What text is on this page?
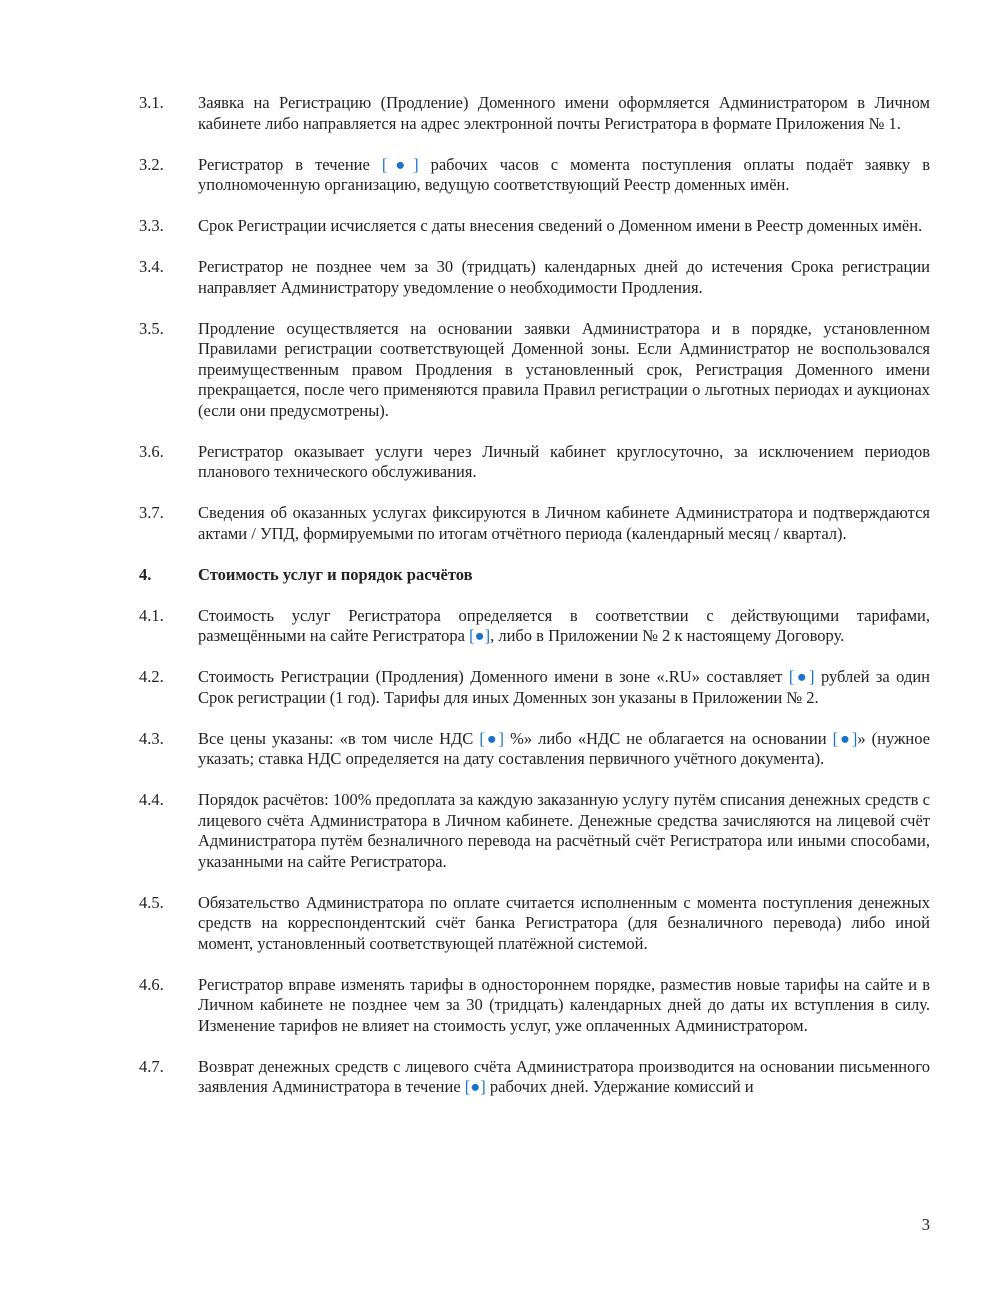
3.1.	Заявка на Регистрацию (Продление) Доменного имени оформляется Администратором в Личном кабинете либо направляется на адрес электронной почты Регистратора в формате Приложения № 1.
3.2.	Регистратор в течение [●] рабочих часов с момента поступления оплаты подаёт заявку в уполномоченную организацию, ведущую соответствующий Реестр доменных имён.
3.3.	Срок Регистрации исчисляется с даты внесения сведений о Доменном имени в Реестр доменных имён.
3.4.	Регистратор не позднее чем за 30 (тридцать) календарных дней до истечения Срока регистрации направляет Администратору уведомление о необходимости Продления.
3.5.	Продление осуществляется на основании заявки Администратора и в порядке, установленном Правилами регистрации соответствующей Доменной зоны. Если Администратор не воспользовался преимущественным правом Продления в установленный срок, Регистрация Доменного имени прекращается, после чего применяются правила Правил регистрации о льготных периодах и аукционах (если они предусмотрены).
3.6.	Регистратор оказывает услуги через Личный кабинет круглосуточно, за исключением периодов планового технического обслуживания.
3.7.	Сведения об оказанных услугах фиксируются в Личном кабинете Администратора и подтверждаются актами / УПД, формируемыми по итогам отчётного периода (календарный месяц / квартал).
4.	Стоимость услуг и порядок расчётов
4.1.	Стоимость услуг Регистратора определяется в соответствии с действующими тарифами, размещёнными на сайте Регистратора [●], либо в Приложении № 2 к настоящему Договору.
4.2.	Стоимость Регистрации (Продления) Доменного имени в зоне «.RU» составляет [●] рублей за один Срок регистрации (1 год). Тарифы для иных Доменных зон указаны в Приложении № 2.
4.3.	Все цены указаны: «в том числе НДС [●] %» либо «НДС не облагается на основании [●]» (нужное указать; ставка НДС определяется на дату составления первичного учётного документа).
4.4.	Порядок расчётов: 100% предоплата за каждую заказанную услугу путём списания денежных средств с лицевого счёта Администратора в Личном кабинете. Денежные средства зачисляются на лицевой счёт Администратора путём безналичного перевода на расчётный счёт Регистратора или иными способами, указанными на сайте Регистратора.
4.5.	Обязательство Администратора по оплате считается исполненным с момента поступления денежных средств на корреспондентский счёт банка Регистратора (для безналичного перевода) либо иной момент, установленный соответствующей платёжной системой.
4.6.	Регистратор вправе изменять тарифы в одностороннем порядке, разместив новые тарифы на сайте и в Личном кабинете не позднее чем за 30 (тридцать) календарных дней до даты их вступления в силу. Изменение тарифов не влияет на стоимость услуг, уже оплаченных Администратором.
4.7.	Возврат денежных средств с лицевого счёта Администратора производится на основании письменного заявления Администратора в течение [●] рабочих дней. Удержание комиссий и
3
